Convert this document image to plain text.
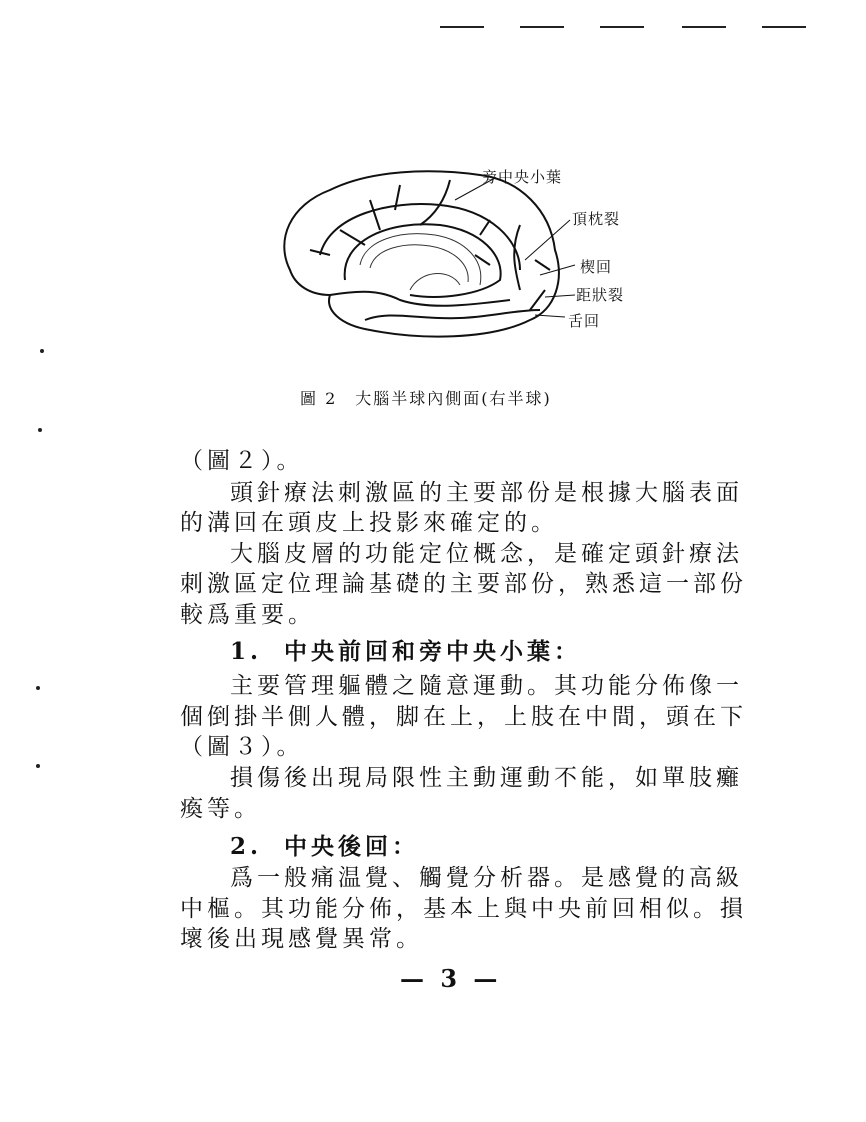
旁中央小葉
頂枕裂
楔回
距狀裂
舌回
圖 2 大腦半球內側面(右半球)
（圖２）。
頭針療法刺激區的主要部份是根據大腦表面
的溝回在頭皮上投影來確定的。
大腦皮層的功能定位概念，是確定頭針療法
刺激區定位理論基礎的主要部份，熟悉這一部份
較爲重要。
1. 中央前回和旁中央小葉：
主要管理軀體之隨意運動。其功能分佈像一
個倒掛半側人體，脚在上，上肢在中間，頭在下
（圖３）。
損傷後出現局限性主動運動不能，如單肢癱
瘓等。
2. 中央後回：
爲一般痛温覺、觸覺分析器。是感覺的高級
中樞。其功能分佈，基本上與中央前回相似。損
壞後出現感覺異常。
— 3 —
